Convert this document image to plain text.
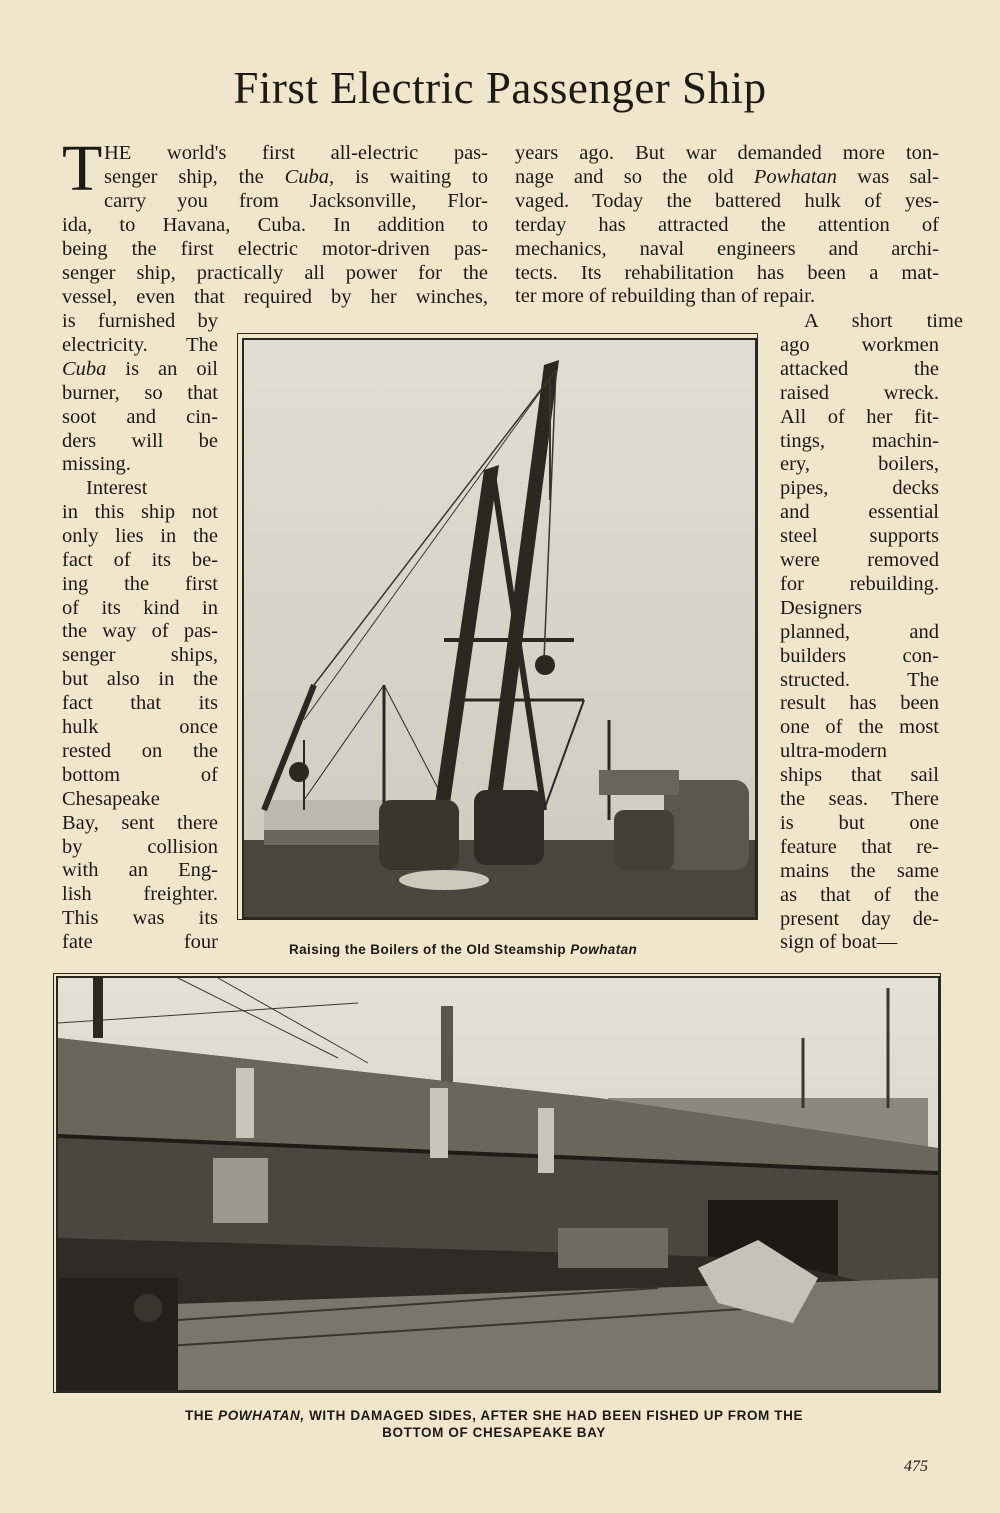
First Electric Passenger Ship
T HE world's first all-electric pas-
senger ship, the Cuba, is waiting to
carry you from Jacksonville, Flor-
ida, to Havana, Cuba. In addition to
being the first electric motor-driven pas-
senger ship, practically all power for the
vessel, even that required by her winches,
is furnished by
electricity. The
Cuba is an oil
burner, so that
soot and cin-
ders will be
missing.
Interest
in this ship not
only lies in the
fact of its be-
ing the first
of its kind in
the way of pas-
senger ships,
but also in the
fact that its
hulk once
rested on the
bottom of
Chesapeake
Bay, sent there
by collision
with an Eng-
lish freighter.
This was its
fate four
years ago. But war demanded more ton-
nage and so the old Powhatan was sal-
vaged. Today the battered hulk of yes-
terday has attracted the attention of
mechanics, naval engineers and archi-
tects. Its rehabilitation has been a mat-
ter more of rebuilding than of repair.
A short time
ago workmen
attacked the
raised wreck.
All of her fit-
tings, machin-
ery, boilers,
pipes, decks
and essential
steel supports
were removed
for rebuilding.
Designers
planned, and
builders con-
structed. The
result has been
one of the most
ultra-modern
ships that sail
the seas. There
is but one
feature that re-
mains the same
as that of the
present day de-
sign of boat—
Raising the Boilers of the Old Steamship Powhatan
THE POWHATAN, WITH DAMAGED SIDES, AFTER SHE HAD BEEN FISHED UP FROM THE
BOTTOM OF CHESAPEAKE BAY
475
